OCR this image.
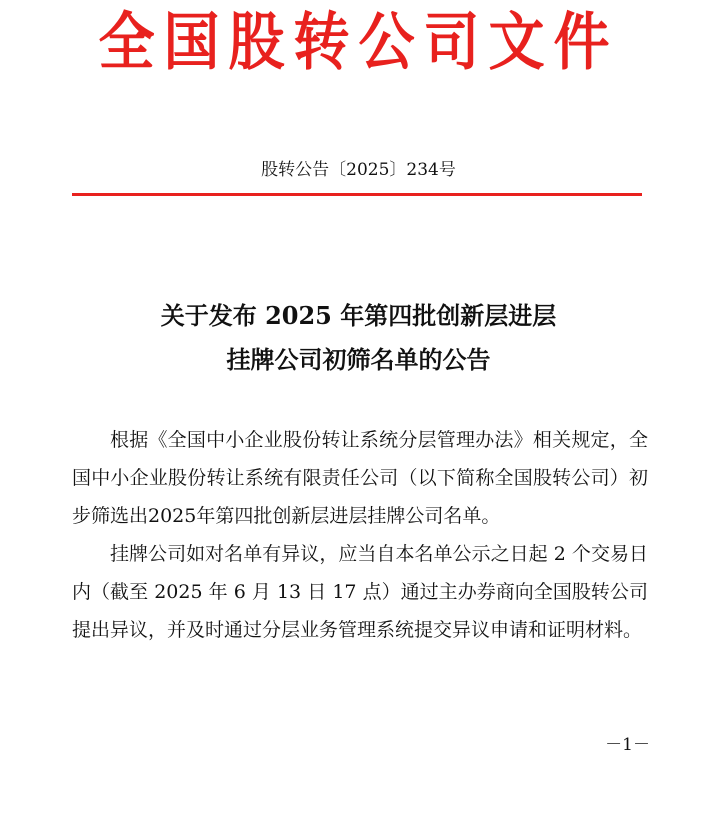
全国股转公司文件
股转公告〔2025〕234号
关于发布 2025 年第四批创新层进层
挂牌公司初筛名单的公告

根据《全国中小企业股份转让系统分层管理办法》相关规定，全国中小企业股份转让系统有限责任公司（以下简称全国股转公司）初步筛选出2025年第四批创新层进层挂牌公司名单。

挂牌公司如对名单有异议，应当自本名单公示之日起 2 个交易日内（截至 2025 年 6 月 13 日 17 点）通过主办券商向全国股转公司提出异议，并及时通过分层业务管理系统提交异议申请和证明材料。

－1－
